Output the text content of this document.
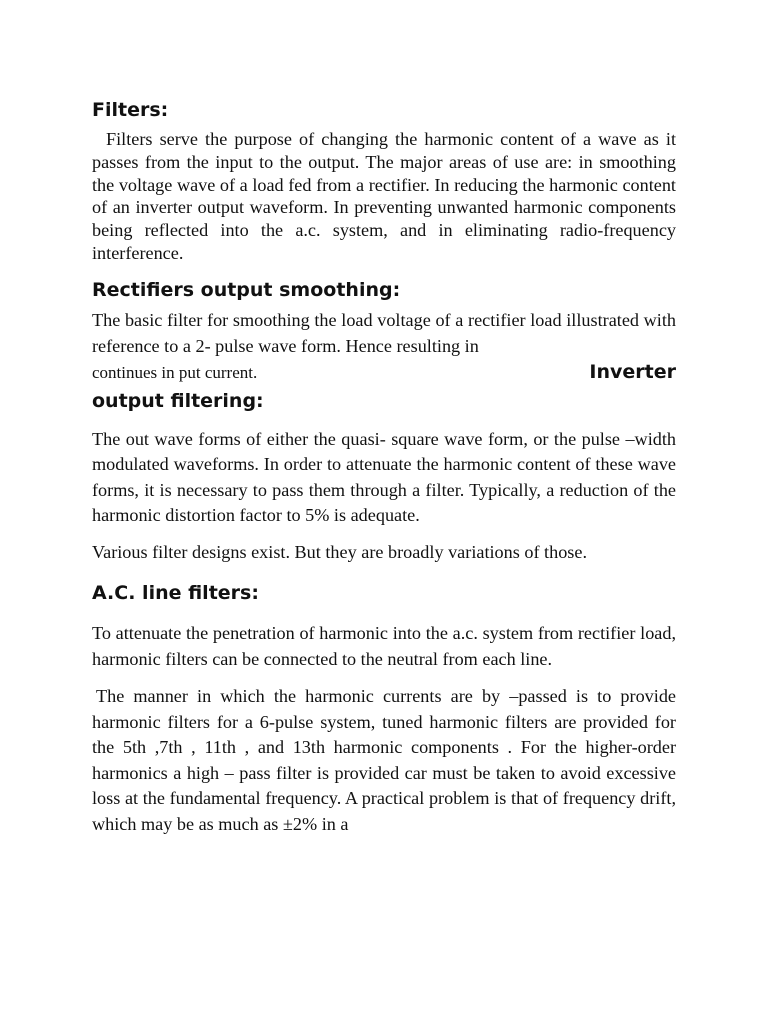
Filters:

Filters serve the purpose of changing the harmonic content of a wave as it passes from the input to the output. The major areas of use are: in smoothing the voltage wave of a load fed from a rectifier. In reducing the harmonic content of an inverter output waveform. In preventing unwanted harmonic components being reflected into the a.c. system, and in eliminating radio-frequency interference.

Rectifiers output smoothing:

The basic filter for smoothing the load voltage of a rectifier load illustrated with reference to a 2- pulse wave form. Hence resulting in

continues in put current.	Inverter
output filtering:

The out wave forms of either the quasi- square wave form, or the pulse –width modulated waveforms. In order to attenuate the harmonic content of these wave forms, it is necessary to pass them through a filter. Typically, a reduction of the harmonic distortion factor to 5% is adequate.

Various filter designs exist. But they are broadly variations of those.

A.C. line filters:

To attenuate the penetration of harmonic into the a.c. system from rectifier load, harmonic filters can be connected to the neutral from each line.

The manner in which the harmonic currents are by –passed is to provide harmonic filters for a 6-pulse system, tuned harmonic filters are provided for the 5th ,7th , 11th , and 13th harmonic components . For the higher-order harmonics a high – pass filter is provided car must be taken to avoid excessive loss at the fundamental frequency. A practical problem is that of frequency drift, which may be as much as ±2% in a
